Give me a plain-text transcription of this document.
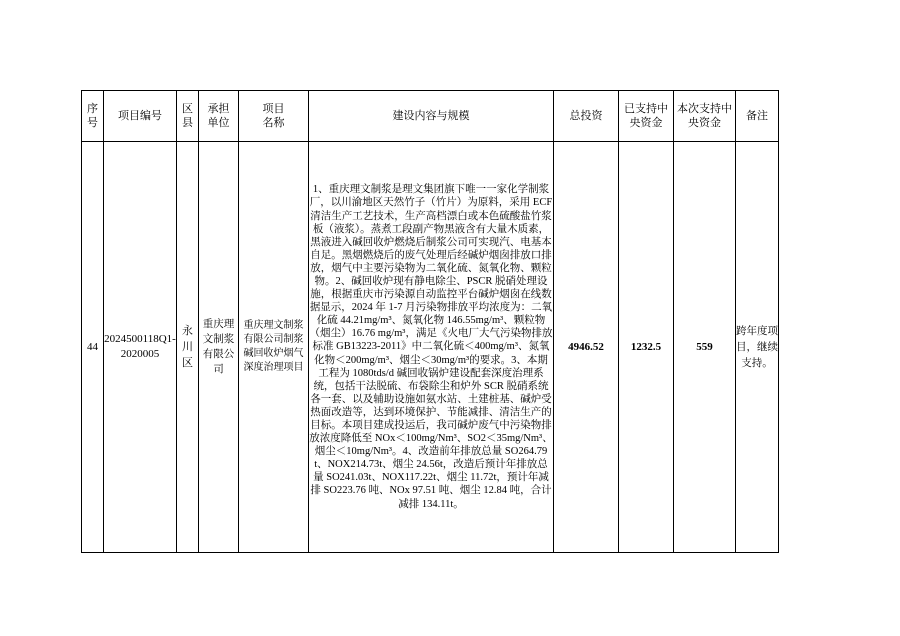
序号	项目编号	区县	承担单位	项目名称	建设内容与规模	总投资	已支持中央资金	本次支持中央资金	备注
44	2024500118Q1-2020005	永川区	重庆理文制浆有限公司	重庆理文制浆有限公司制浆碱回收炉烟气深度治理项目	1、重庆理文制浆是理文集团旗下唯一一家化学制浆厂，以川渝地区天然竹子（竹片）为原料，采用 ECF 清洁生产工艺技术，生产高档漂白或本色硫酸盐竹浆板（液浆）。蒸煮工段副产物黑液含有大量木质素，黑液进入碱回收炉燃烧后制浆公司可实现汽、电基本自足。黑烟燃烧后的废气处理后经碱炉烟囱排放口排放，烟气中主要污染物为二氧化硫、氮氧化物、颗粒物。2、碱回收炉现有静电除尘、PSCR 脱硝处理设施，根据重庆市污染源自动监控平台碱炉烟囱在线数据显示，2024 年 1-7 月污染物排放平均浓度为：二氧化硫 44.21mg/m³、氮氧化物 146.55mg/m³、颗粒物（烟尘）16.76 mg/m³，满足《火电厂大气污染物排放标准 GB13223-2011》中二氧化硫＜400mg/m³、氮氧化物＜200mg/m³、烟尘＜30mg/m³的要求。3、本期工程为 1080tds/d 碱回收锅炉建设配套深度治理系统，包括干法脱硫、布袋除尘和炉外 SCR 脱硝系统各一套、以及辅助设施如氨水站、土建桩基、碱炉受热面改造等，达到环境保护、节能减排、清洁生产的目标。本项目建成投运后，我司碱炉废气中污染物排放浓度降低至 NOx＜100mg/Nm³、SO2＜35mg/Nm³、烟尘＜10mg/Nm³。4、改造前年排放总量 SO264.79t、NOX214.73t、烟尘 24.56t，改造后预计年排放总量 SO241.03t、NOX117.22t、烟尘 11.72t，预计年减排 SO223.76 吨、NOx 97.51 吨、烟尘 12.84 吨，合计减排 134.11t。	4946.52	1232.5	559	跨年度项目，继续支持。
